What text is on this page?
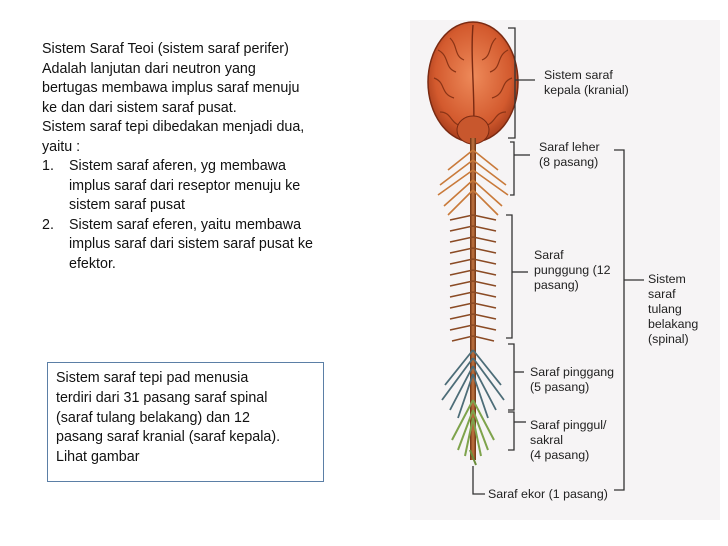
Sistem Saraf Teoi (sistem saraf perifer)
Adalah lanjutan dari neutron yang
bertugas membawa implus saraf menuju
ke dan dari sistem saraf pusat.
Sistem saraf tepi dibedakan menjadi dua,
yaitu :
1. Sistem saraf aferen, yg membawa
implus saraf dari reseptor menuju ke
sistem saraf pusat
2. Sistem saraf eferen, yaitu membawa
implus saraf dari sistem saraf pusat ke
efektor.
Sistem saraf tepi pad menusia
terdiri dari 31 pasang saraf spinal
(saraf tulang belakang) dan 12
pasang saraf kranial (saraf kepala).
Lihat gambar
Sistem saraf
kepala (kranial)
Saraf leher
(8 pasang)
Saraf
punggung (12
pasang)	Sistem
saraf
tulang
belakang
(spinal)
Saraf pinggang
(5 pasang)
Saraf pinggul/
sakral
(4 pasang)
Saraf ekor (1 pasang)
